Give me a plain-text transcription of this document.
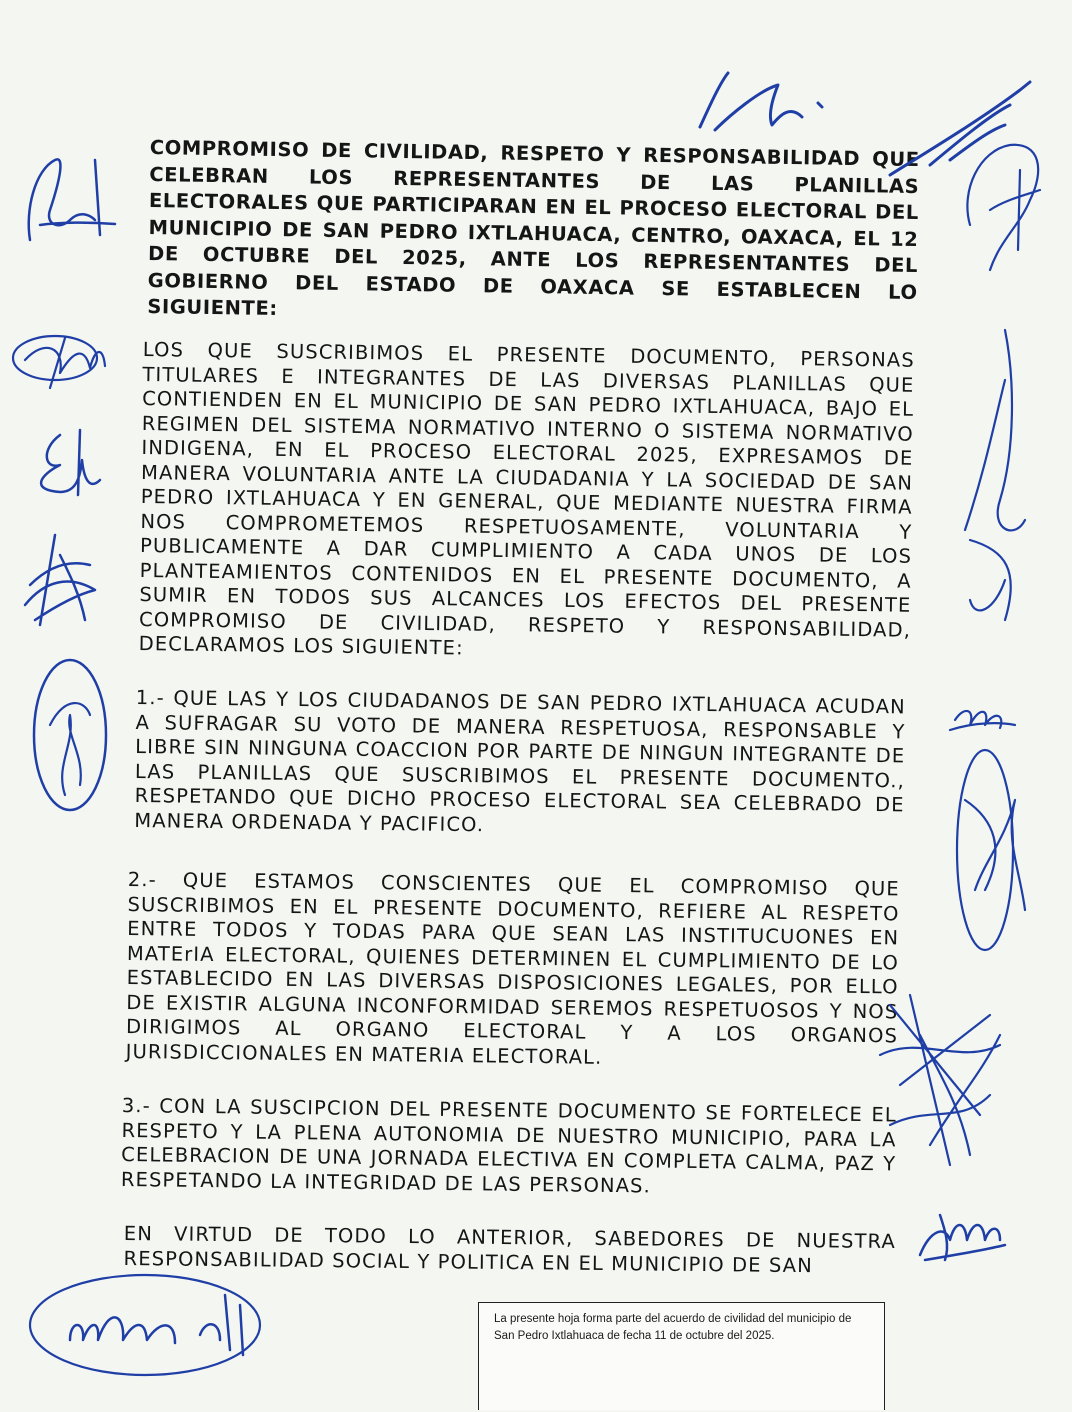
COMPROMISO DE CIVILIDAD, RESPETO Y RESPONSABILIDAD QUE CELEBRAN LOS REPRESENTANTES DE LAS PLANILLAS ELECTORALES QUE PARTICIPARAN EN EL PROCESO ELECTORAL DEL MUNICIPIO DE SAN PEDRO IXTLAHUACA, CENTRO, OAXACA, EL 12 DE OCTUBRE DEL 2025, ANTE LOS REPRESENTANTES DEL GOBIERNO DEL ESTADO DE OAXACA SE ESTABLECEN LO SIGUIENTE:

LOS QUE SUSCRIBIMOS EL PRESENTE DOCUMENTO, PERSONAS TITULARES E INTEGRANTES DE LAS DIVERSAS PLANILLAS QUE CONTIENDEN EN EL MUNICIPIO DE SAN PEDRO IXTLAHUACA, BAJO EL REGIMEN DEL SISTEMA NORMATIVO INTERNO O SISTEMA NORMATIVO INDIGENA, EN EL PROCESO ELECTORAL 2025, EXPRESAMOS DE MANERA VOLUNTARIA ANTE LA CIUDADANIA Y LA SOCIEDAD DE SAN PEDRO IXTLAHUACA Y EN GENERAL, QUE MEDIANTE NUESTRA FIRMA NOS COMPROMETEMOS RESPETUOSAMENTE, VOLUNTARIA Y PUBLICAMENTE A DAR CUMPLIMIENTO A CADA UNOS DE LOS PLANTEAMIENTOS CONTENIDOS EN EL PRESENTE DOCUMENTO, A SUMIR EN TODOS SUS ALCANCES LOS EFECTOS DEL PRESENTE COMPROMISO DE CIVILIDAD, RESPETO Y RESPONSABILIDAD, DECLARAMOS LOS SIGUIENTE:

1.- QUE LAS Y LOS CIUDADANOS DE SAN PEDRO IXTLAHUACA ACUDAN A SUFRAGAR SU VOTO DE MANERA RESPETUOSA, RESPONSABLE Y LIBRE SIN NINGUNA COACCION POR PARTE DE NINGUN INTEGRANTE DE LAS PLANILLAS QUE SUSCRIBIMOS EL PRESENTE DOCUMENTO., RESPETANDO QUE DICHO PROCESO ELECTORAL SEA CELEBRADO DE MANERA ORDENADA Y PACIFICO.

2.- QUE ESTAMOS CONSCIENTES QUE EL COMPROMISO QUE SUSCRIBIMOS EN EL PRESENTE DOCUMENTO, REFIERE AL RESPETO ENTRE TODOS Y TODAS PARA QUE SEAN LAS INSTITUCUONES EN MATErIA ELECTORAL, QUIENES DETERMINEN EL CUMPLIMIENTO DE LO ESTABLECIDO EN LAS DIVERSAS DISPOSICIONES LEGALES, POR ELLO DE EXISTIR ALGUNA INCONFORMIDAD SEREMOS RESPETUOSOS Y NOS DIRIGIMOS AL ORGANO ELECTORAL Y A LOS ORGANOS JURISDICCIONALES EN MATERIA ELECTORAL.

3.- CON LA SUSCIPCION DEL PRESENTE DOCUMENTO SE FORTELECE EL RESPETO Y LA PLENA AUTONOMIA DE NUESTRO MUNICIPIO, PARA LA CELEBRACION DE UNA JORNADA ELECTIVA EN COMPLETA CALMA, PAZ Y RESPETANDO LA INTEGRIDAD DE LAS PERSONAS.

EN VIRTUD DE TODO LO ANTERIOR, SABEDORES DE NUESTRA RESPONSABILIDAD SOCIAL Y POLITICA EN EL MUNICIPIO DE SAN

La presente hoja forma parte del acuerdo de civilidad del municipio de San Pedro Ixtlahuaca de fecha 11 de octubre del 2025.
